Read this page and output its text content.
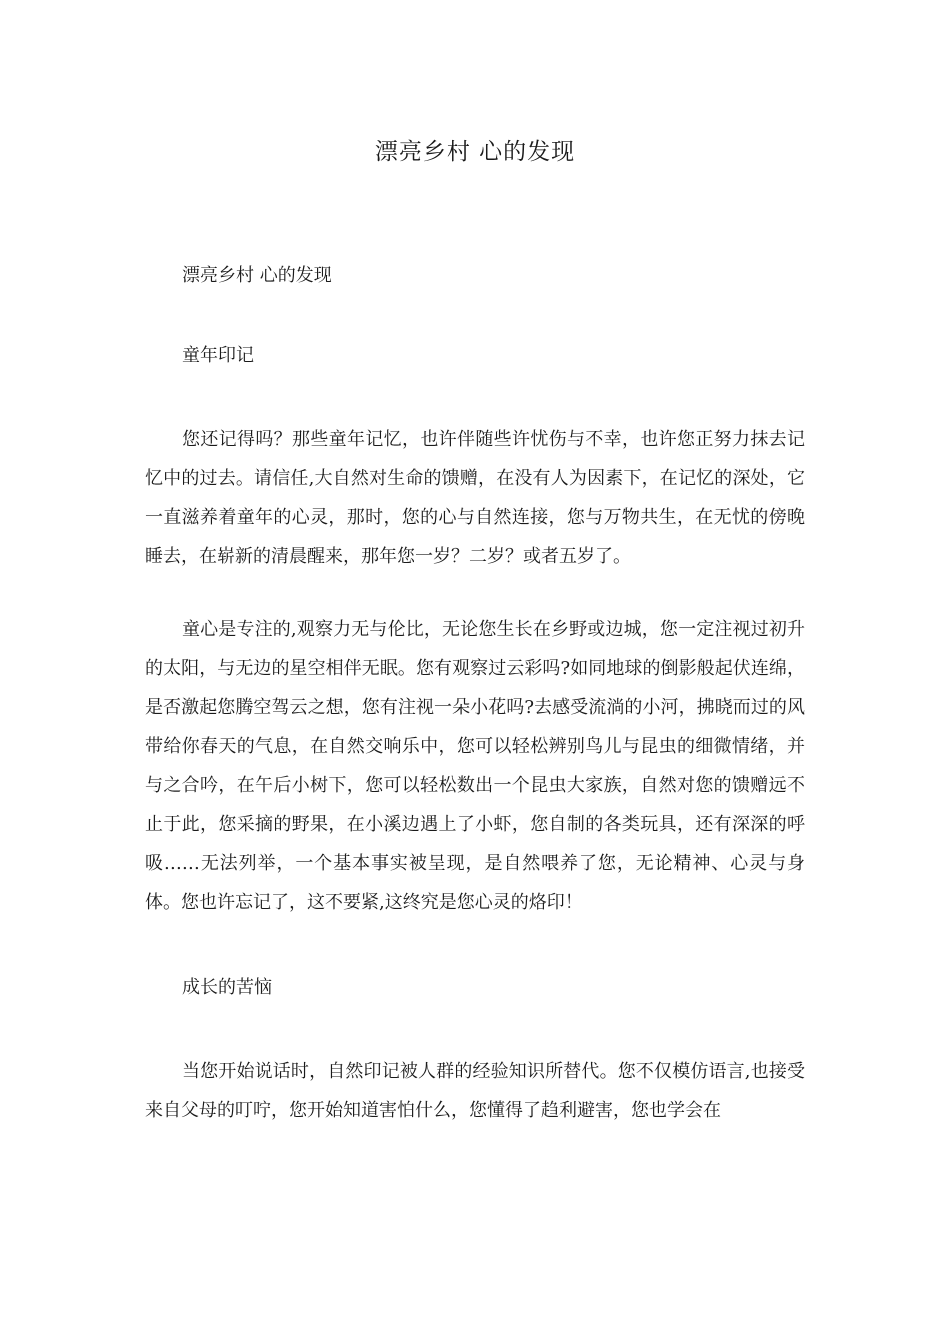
漂亮乡村 心的发现

漂亮乡村 心的发现

童年印记

您还记得吗？那些童年记忆，也许伴随些许忧伤与不幸，也许您正努力抹去记忆中的过去。请信任,大自然对生命的馈赠，在没有人为因素下，在记忆的深处，它一直滋养着童年的心灵，那时，您的心与自然连接，您与万物共生，在无忧的傍晚睡去，在崭新的清晨醒来，那年您一岁？二岁？或者五岁了。

童心是专注的,观察力无与伦比，无论您生长在乡野或边城，您一定注视过初升的太阳，与无边的星空相伴无眠。您有观察过云彩吗?如同地球的倒影般起伏连绵，是否激起您腾空驾云之想，您有注视一朵小花吗?去感受流淌的小河，拂晓而过的风带给你春天的气息，在自然交响乐中，您可以轻松辨别鸟儿与昆虫的细微情绪，并与之合吟，在午后小树下，您可以轻松数出一个昆虫大家族，自然对您的馈赠远不止于此，您采摘的野果，在小溪边遇上了小虾，您自制的各类玩具，还有深深的呼吸……无法列举，一个基本事实被呈现，是自然喂养了您，无论精神、心灵与身体。您也许忘记了，这不要紧,这终究是您心灵的烙印！

成长的苦恼

当您开始说话时，自然印记被人群的经验知识所替代。您不仅模仿语言,也接受来自父母的叮咛，您开始知道害怕什么，您懂得了趋利避害，您也学会在
